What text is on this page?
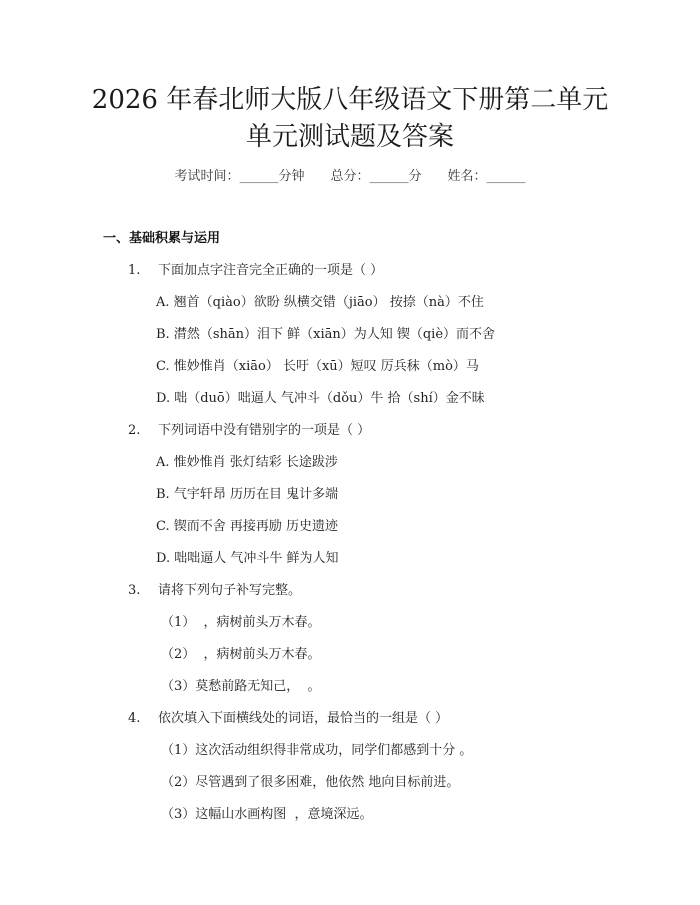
2026 年春北师大版八年级语文下册第二单元
单元测试题及答案
考试时间：______分钟 总分：______分 姓名：______
一、基础积累与运用
1. 下面加点字注音完全正确的一项是（ ）
A. 翘首（qiào）欲盼 纵横交错（jiāo） 按捺（nà）不住
B. 潸然（shān）泪下 鲜（xiān）为人知 锲（qiè）而不舍
C. 惟妙惟肖（xiāo） 长吁（xū）短叹 厉兵秣（mò）马
D. 咄（duō）咄逼人 气冲斗（dǒu）牛 拾（shí）金不昧
2. 下列词语中没有错别字的一项是（ ）
A. 惟妙惟肖 张灯结彩 长途跋涉
B. 气宇轩昂 历历在目 鬼计多端
C. 锲而不舍 再接再励 历史遗迹
D. 咄咄逼人 气冲斗牛 鲜为人知
3. 请将下列句子补写完整。
（1）  ，病树前头万木春。
（2）  ，病树前头万木春。
（3）莫愁前路无知己，  。
4. 依次填入下面横线处的词语，最恰当的一组是（ ）
（1）这次活动组织得非常成功，同学们都感到十分 。
（2）尽管遇到了很多困难，他依然 地向目标前进。
（3）这幅山水画构图  ，意境深远。
